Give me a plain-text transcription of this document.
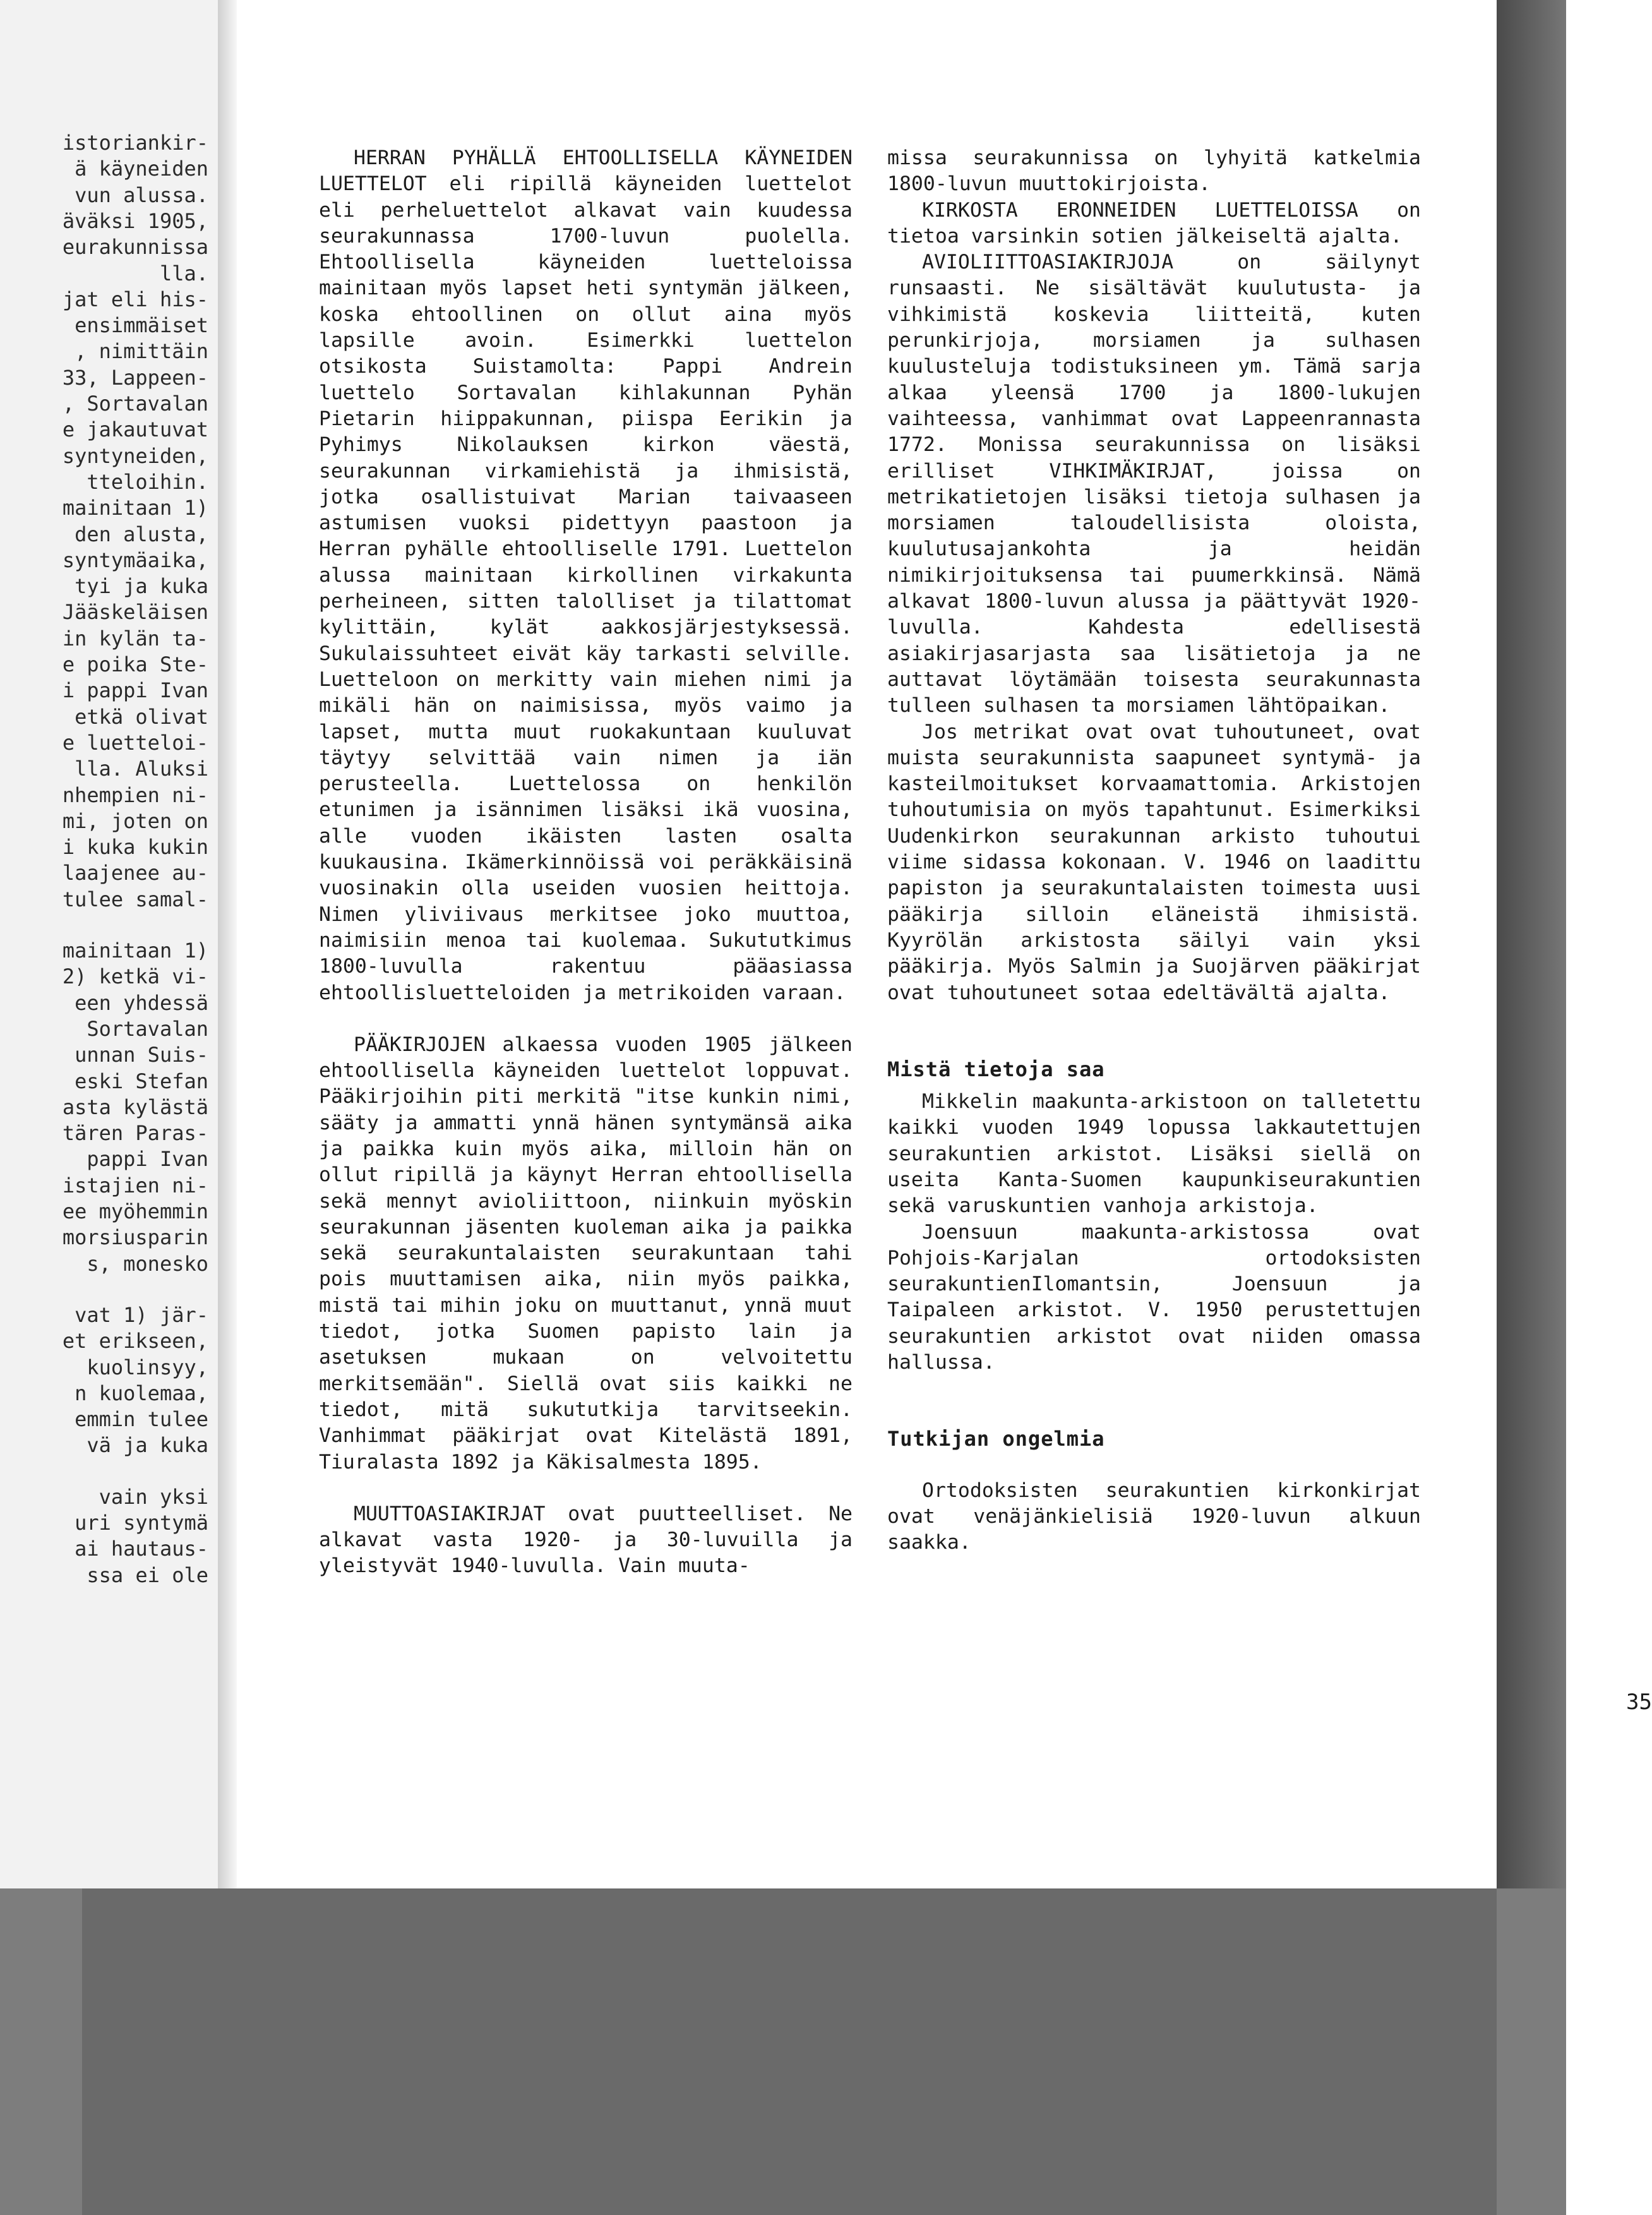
istoriankir-
ä käyneiden
vun alussa.
äväksi 1905,
eurakunnissa
lla.
jat eli his-
ensimmäiset
, nimittäin
33, Lappeen-
, Sortavalan
e jakautuvat
syntyneiden,
tteloihin.
mainitaan 1)
den alusta,
syntymäaika,
tyi ja kuka
Jääskeläisen
in kylän ta-
e poika Ste-
i pappi Ivan
etkä olivat
e luetteloi-
lla. Aluksi
nhempien ni-
mi, joten on
i kuka kukin
laajenee au-
tulee samal-
mainitaan 1)
2) ketkä vi-
een yhdessä
Sortavalan
unnan Suis-
eski Stefan
asta kylästä
tären Paras-
pappi Ivan
istajien ni-
ee myöhemmin
morsiusparin
s, monesko
vat 1) jär-
et erikseen,
kuolinsyy,
n kuolemaa,
emmin tulee
vä ja kuka
vain yksi
uri syntymä
ai hautaus-
ssa ei ole

HERRAN PYHÄLLÄ EHTOOLLISELLA KÄYNEIDEN LUETTELOT eli ripillä käyneiden luettelot eli perheluettelot alkavat vain kuudessa seurakunnassa 1700-luvun puolella. Ehtoollisella käyneiden luetteloissa mainitaan myös lapset heti syntymän jälkeen, koska ehtoollinen on ollut aina myös lapsille avoin. Esimerkki luettelon otsikosta Suistamolta: Pappi Andrein luettelo Sortavalan kihlakunnan Pyhän Pietarin hiippakunnan, piispa Eerikin ja Pyhimys Nikolauksen kirkon väestä, seurakunnan virkamiehistä ja ihmisistä, jotka osallistuivat Marian taivaaseen astumisen vuoksi pidettyyn paastoon ja Herran pyhälle ehtoolliselle 1791. Luettelon alussa mainitaan kirkollinen virkakunta perheineen, sitten talolliset ja tilattomat kylittäin, kylät aakkosjärjestyksessä. Sukulaissuhteet eivät käy tarkasti selville. Luetteloon on merkitty vain miehen nimi ja mikäli hän on naimisissa, myös vaimo ja lapset, mutta muut ruokakuntaan kuuluvat täytyy selvittää vain nimen ja iän perusteella. Luettelossa on henkilön etunimen ja isännimen lisäksi ikä vuosina, alle vuoden ikäisten lasten osalta kuukausina. Ikämerkinnöissä voi peräkkäisinä vuosinakin olla useiden vuosien heittoja. Nimen yliviivaus merkitsee joko muuttoa, naimisiin menoa tai kuolemaa. Sukututkimus 1800-luvulla rakentuu pääasiassa ehtoollisluetteloiden ja metrikoiden varaan.

PÄÄKIRJOJEN alkaessa vuoden 1905 jälkeen ehtoollisella käyneiden luettelot loppuvat. Pääkirjoihin piti merkitä "itse kunkin nimi, sääty ja ammatti ynnä hänen syntymänsä aika ja paikka kuin myös aika, milloin hän on ollut ripillä ja käynyt Herran ehtoollisella sekä mennyt avioliittoon, niinkuin myöskin seurakunnan jäsenten kuoleman aika ja paikka sekä seurakuntalaisten seurakuntaan tahi pois muuttamisen aika, niin myös paikka, mistä tai mihin joku on muuttanut, ynnä muut tiedot, jotka Suomen papisto lain ja asetuksen mukaan on velvoitettu merkitsemään". Siellä ovat siis kaikki ne tiedot, mitä sukututkija tarvitseekin. Vanhimmat pääkirjat ovat Kitelästä 1891, Tiuralasta 1892 ja Käkisalmesta 1895.

MUUTTOASIAKIRJAT ovat puutteelliset. Ne alkavat vasta 1920- ja 30-luvuilla ja yleistyvät 1940-luvulla. Vain muuta-

missa seurakunnissa on lyhyitä katkelmia 1800-luvun muuttokirjoista.

KIRKOSTA ERONNEIDEN LUETTELOISSA on tietoa varsinkin sotien jälkeiseltä ajalta.

AVIOLIITTOASIAKIRJOJA on säilynyt runsaasti. Ne sisältävät kuulutusta- ja vihkimistä koskevia liitteitä, kuten perunkirjoja, morsiamen ja sulhasen kuulusteluja todistuksineen ym. Tämä sarja alkaa yleensä 1700 ja 1800-lukujen vaihteessa, vanhimmat ovat Lappeenrannasta 1772. Monissa seurakunnissa on lisäksi erilliset VIHKIMÄKIRJAT, joissa on metrikatietojen lisäksi tietoja sulhasen ja morsiamen taloudellisista oloista, kuulutusajankohta ja heidän nimikirjoituksensa tai puumerkkinsä. Nämä alkavat 1800-luvun alussa ja päättyvät 1920-luvulla. Kahdesta edellisestä asiakirjasarjasta saa lisätietoja ja ne auttavat löytämään toisesta seurakunnasta tulleen sulhasen ta morsiamen lähtöpaikan.

Jos metrikat ovat ovat tuhoutuneet, ovat muista seurakunnista saapuneet syntymä- ja kasteilmoitukset korvaamattomia. Arkistojen tuhoutumisia on myös tapahtunut. Esimerkiksi Uudenkirkon seurakunnan arkisto tuhoutui viime sidassa kokonaan. V. 1946 on laadittu papiston ja seurakuntalaisten toimesta uusi pääkirja silloin eläneistä ihmisistä. Kyyrölän arkistosta säilyi vain yksi pääkirja. Myös Salmin ja Suojärven pääkirjat ovat tuhoutuneet sotaa edeltävältä ajalta.

Mistä tietoja saa

Mikkelin maakunta-arkistoon on talletettu kaikki vuoden 1949 lopussa lakkautettujen seurakuntien arkistot. Lisäksi siellä on useita Kanta-Suomen kaupunkiseurakuntien sekä varuskuntien vanhoja arkistoja.

Joensuun maakunta-arkistossa ovat Pohjois-Karjalan ortodoksisten seurakuntienIlomantsin, Joensuun ja Taipaleen arkistot. V. 1950 perustettujen seurakuntien arkistot ovat niiden omassa hallussa.

Tutkijan ongelmia

Ortodoksisten seurakuntien kirkonkirjat ovat venäjänkielisiä 1920-luvun alkuun saakka.

35
